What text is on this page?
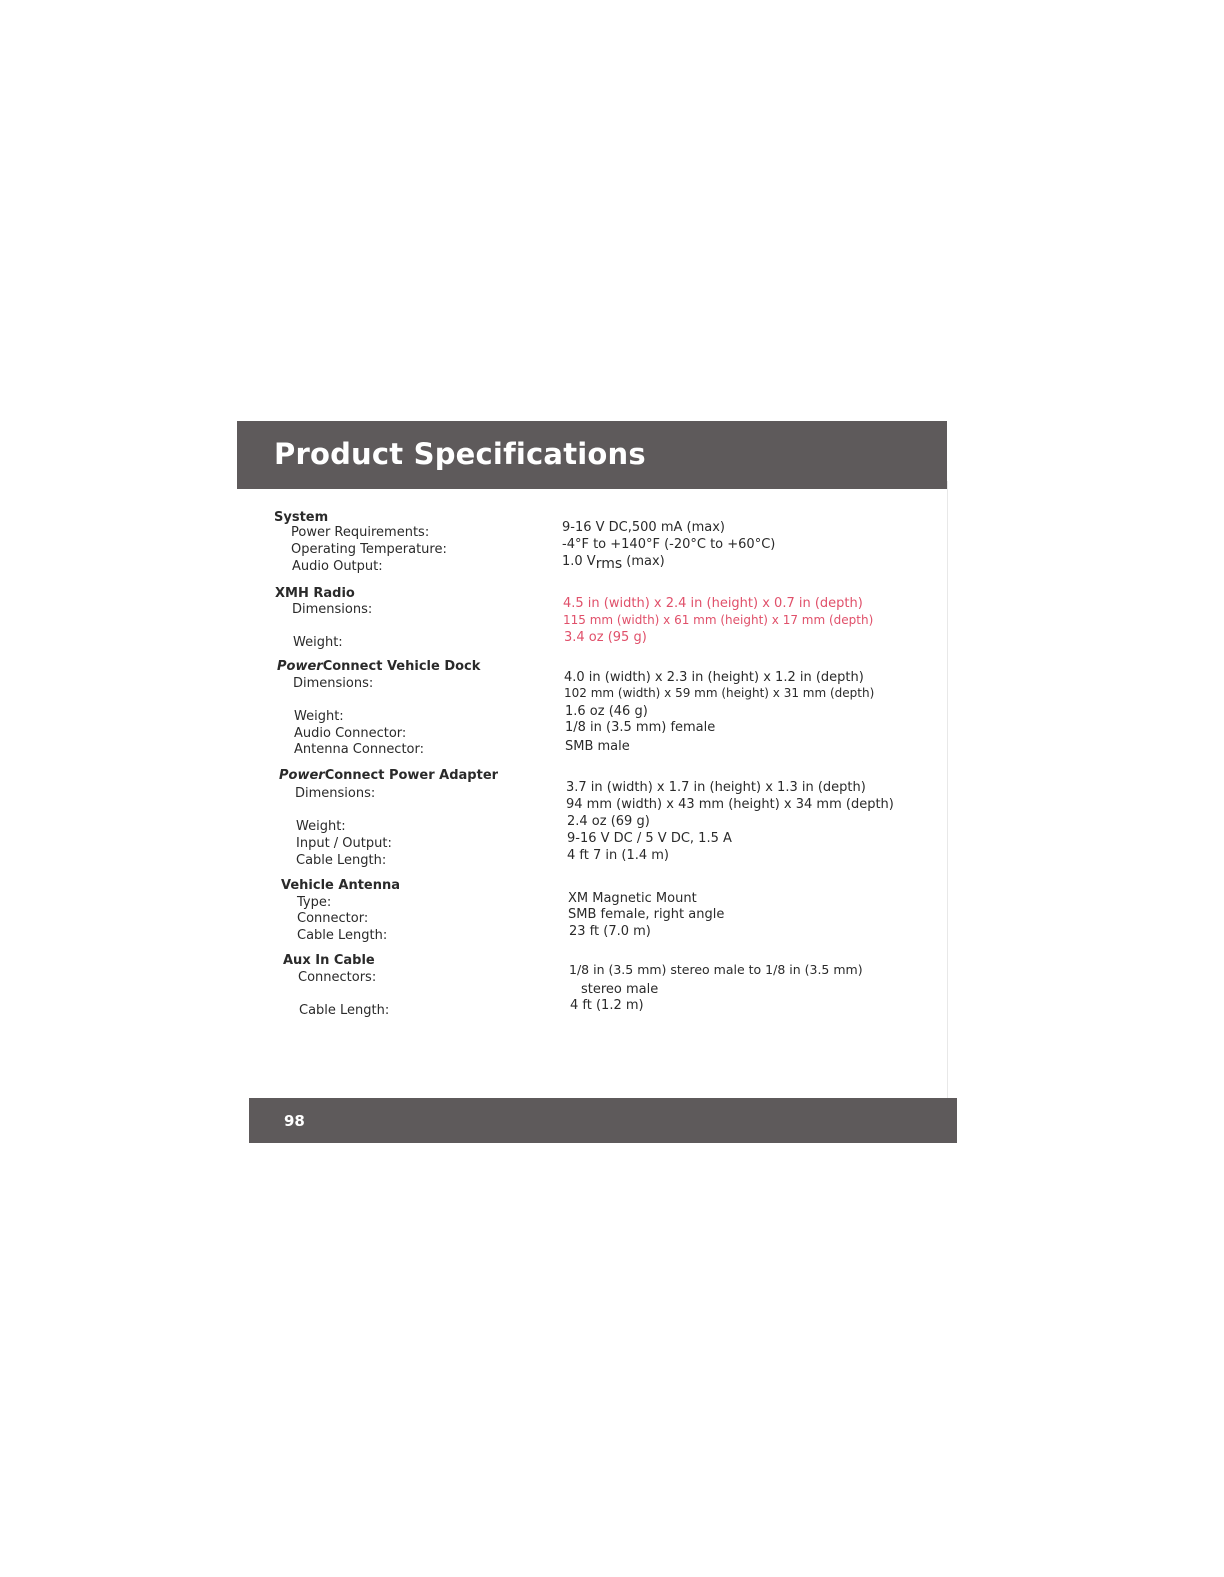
Product Specifications
System
Power Requirements:
Operating Temperature:
Audio Output:
9-16 V DC,500 mA (max)
-4°F to +140°F (-20°C to +60°C)
1.0 Vrms (max)
XMH Radio
Dimensions:
Weight:
4.5 in (width) x 2.4 in (height) x 0.7 in (depth)
115 mm (width) x 61 mm (height) x 17 mm (depth)
3.4 oz (95 g)
PowerConnect Vehicle Dock
Dimensions:
Weight:
Audio Connector:
Antenna Connector:
4.0 in (width) x 2.3 in (height) x 1.2 in (depth)
102 mm (width) x 59 mm (height) x 31 mm (depth)
1.6 oz (46 g)
1/8 in (3.5 mm) female
SMB male
PowerConnect Power Adapter
Dimensions:
Weight:
Input / Output:
Cable Length:
3.7 in (width) x 1.7 in (height) x 1.3 in (depth)
94 mm (width) x 43 mm (height) x 34 mm (depth)
2.4 oz (69 g)
9-16 V DC / 5 V DC, 1.5 A
4 ft 7 in (1.4 m)
Vehicle Antenna
Type:
Connector:
Cable Length:
XM Magnetic Mount
SMB female, right angle
23 ft (7.0 m)
Aux In Cable
Connectors:
Cable Length:
1/8 in (3.5 mm) stereo male to 1/8 in (3.5 mm)
stereo male
4 ft (1.2 m)
98
